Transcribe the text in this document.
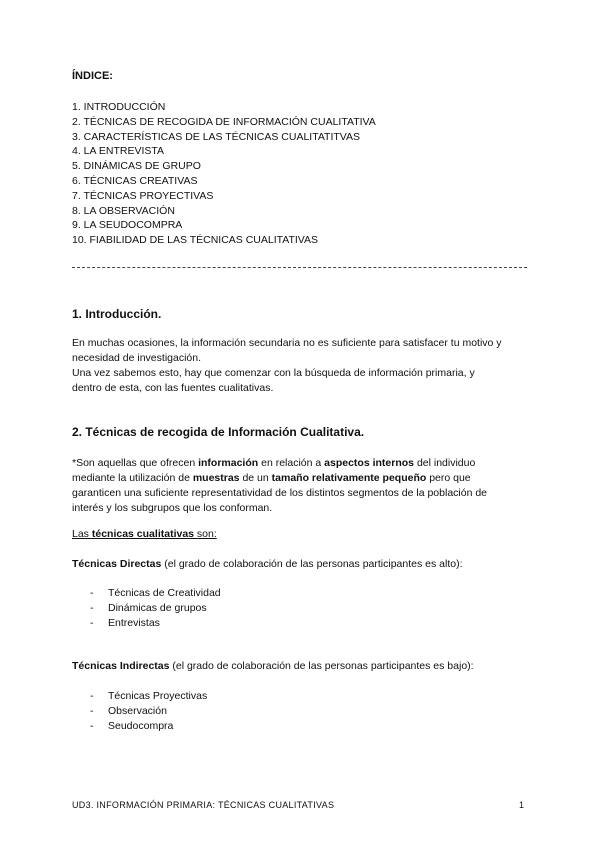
ÍNDICE:
1. INTRODUCCIÓN
2. TÉCNICAS DE RECOGIDA DE INFORMACIÓN CUALITATIVA
3. CARACTERÍSTICAS DE LAS TÉCNICAS CUALITATITVAS
4. LA ENTREVISTA
5. DINÁMICAS DE GRUPO
6. TÉCNICAS CREATIVAS
7. TÉCNICAS PROYECTIVAS
8. LA OBSERVACIÓN
9. LA SEUDOCOMPRA
10. FIABILIDAD DE LAS TÉCNICAS CUALITATIVAS
1. Introducción.
En muchas ocasiones, la información secundaria no es suficiente para satisfacer tu motivo y
necesidad de investigación.
Una vez sabemos esto, hay que comenzar con la búsqueda de información primaria, y
dentro de esta, con las fuentes cualitativas.
2. Técnicas de recogida de Información Cualitativa.
*Son aquellas que ofrecen información en relación a aspectos internos del individuo
mediante la utilización de muestras de un tamaño relativamente pequeño pero que
garanticen una suficiente representatividad de los distintos segmentos de la población de
interés y los subgrupos que los conforman.
Las técnicas cualitativas son:
Técnicas Directas (el grado de colaboración de las personas participantes es alto):
-	Técnicas de Creatividad
-	Dinámicas de grupos
-	Entrevistas
Técnicas Indirectas (el grado de colaboración de las personas participantes es bajo):
-	Técnicas Proyectivas
-	Observación
-	Seudocompra
UD3. INFORMACIÓN PRIMARIA: TÉCNICAS CUALITATIVAS	1
